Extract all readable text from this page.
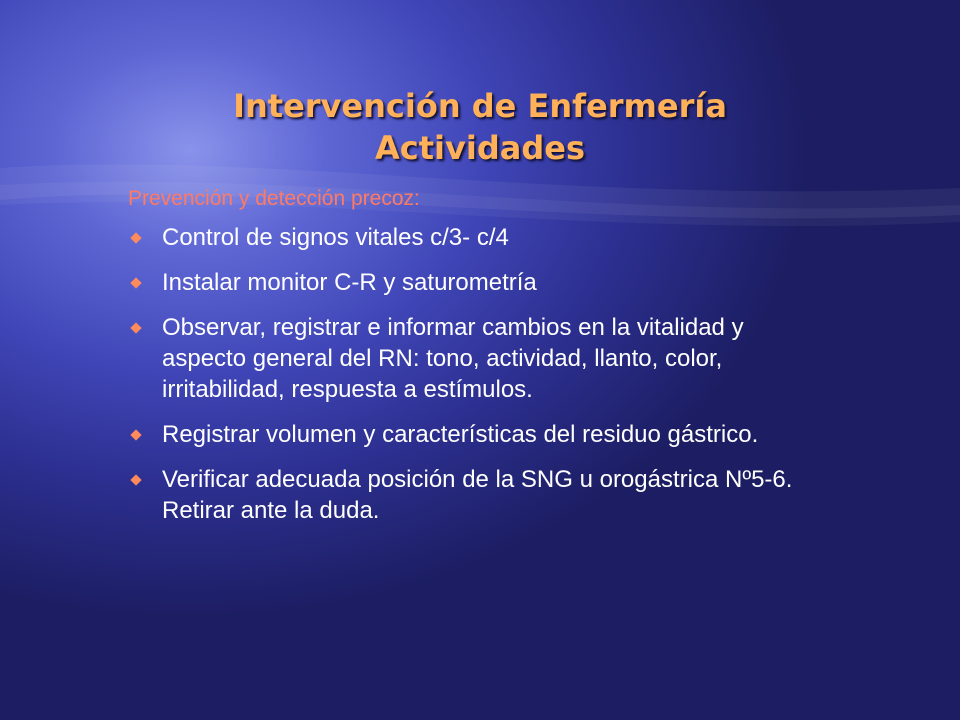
Intervención de Enfermería
Actividades

Prevención y detección precoz:

Control de signos vitales c/3- c/4
Instalar monitor C-R y saturometría
Observar, registrar e informar cambios en la vitalidad y aspecto general del RN: tono, actividad, llanto, color, irritabilidad, respuesta a estímulos.
Registrar volumen y características del residuo gástrico.
Verificar adecuada posición de la SNG u orogástrica Nº5-6. Retirar ante la duda.
